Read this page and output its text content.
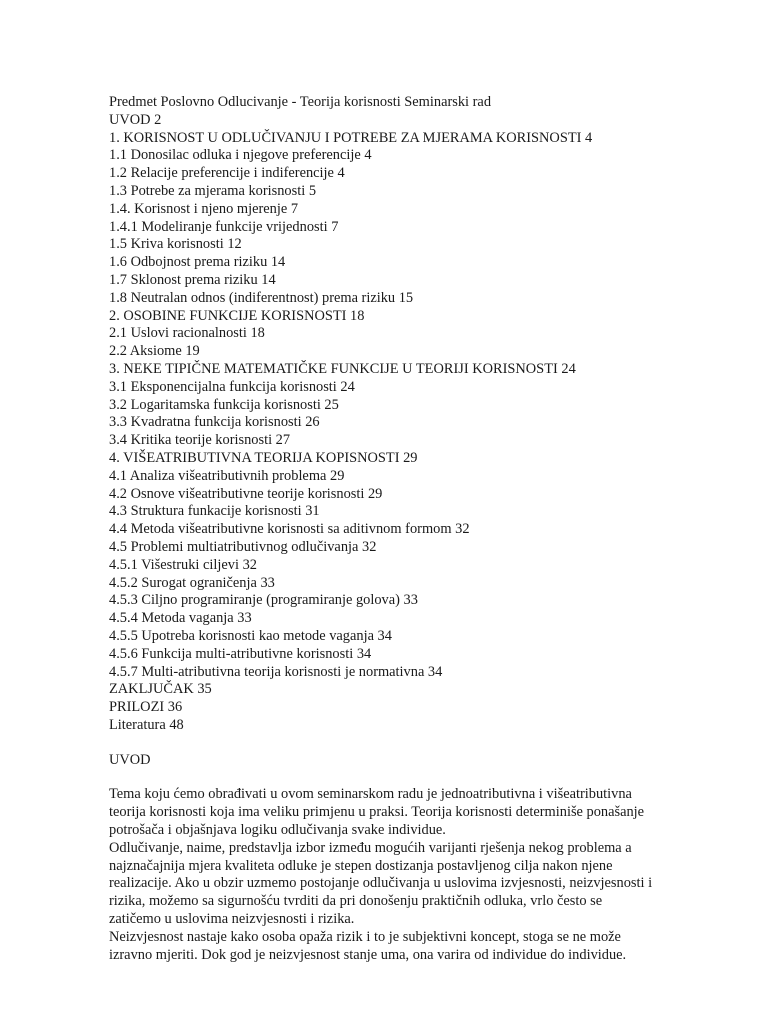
Predmet Poslovno Odlucivanje - Teorija korisnosti Seminarski rad
UVOD 2
1. KORISNOST U ODLUČIVANJU I POTREBE ZA MJERAMA KORISNOSTI 4
1.1 Donosilac odluka i njegove preferencije 4
1.2 Relacije preferencije i indiferencije 4
1.3 Potrebe za mjerama korisnosti 5
1.4. Korisnost i njeno mjerenje 7
1.4.1 Modeliranje funkcije vrijednosti 7
1.5 Kriva korisnosti 12
1.6 Odbojnost prema riziku 14
1.7 Sklonost prema riziku 14
1.8 Neutralan odnos (indiferentnost) prema riziku 15
2. OSOBINE FUNKCIJE KORISNOSTI 18
2.1 Uslovi racionalnosti 18
2.2 Aksiome 19
3. NEKE TIPIČNE MATEMATIČKE FUNKCIJE U TEORIJI KORISNOSTI 24
3.1 Eksponencijalna funkcija korisnosti 24
3.2 Logaritamska funkcija korisnosti 25
3.3 Kvadratna funkcija korisnosti 26
3.4 Kritika teorije korisnosti 27
4. VIŠEATRIBUTIVNA TEORIJA KOPISNOSTI 29
4.1 Analiza višeatributivnih problema 29
4.2 Osnove višeatributivne teorije korisnosti 29
4.3 Struktura funkacije korisnosti 31
4.4 Metoda višeatributivne korisnosti sa aditivnom formom 32
4.5 Problemi multiatributivnog odlučivanja 32
4.5.1 Višestruki ciljevi 32
4.5.2 Surogat ograničenja 33
4.5.3 Ciljno programiranje (programiranje golova) 33
4.5.4 Metoda vaganja 33
4.5.5 Upotreba korisnosti kao metode vaganja 34
4.5.6 Funkcija multi-atributivne korisnosti 34
4.5.7 Multi-atributivna teorija korisnosti je normativna 34
ZAKLJUČAK 35
PRILOZI 36
Literatura 48
UVOD
Tema koju ćemo obrađivati u ovom seminarskom radu je jednoatributivna i višeatributivna
teorija korisnosti koja ima veliku primjenu u praksi. Teorija korisnosti determiniše ponašanje
potrošača i objašnjava logiku odlučivanja svake individue.
Odlučivanje, naime, predstavlja izbor između mogućih varijanti rješenja nekog problema a
najznačajnija mjera kvaliteta odluke je stepen dostizanja postavljenog cilja nakon njene
realizacije. Ako u obzir uzmemo postojanje odlučivanja u uslovima izvjesnosti, neizvjesnosti i
rizika, možemo sa sigurnošću tvrditi da pri donošenju praktičnih odluka, vrlo često se
zatičemo u uslovima neizvjesnosti i rizika.
Neizvjesnost nastaje kako osoba opaža rizik i to je subjektivni koncept, stoga se ne može
izravno mjeriti. Dok god je neizvjesnost stanje uma, ona varira od individue do individue.
